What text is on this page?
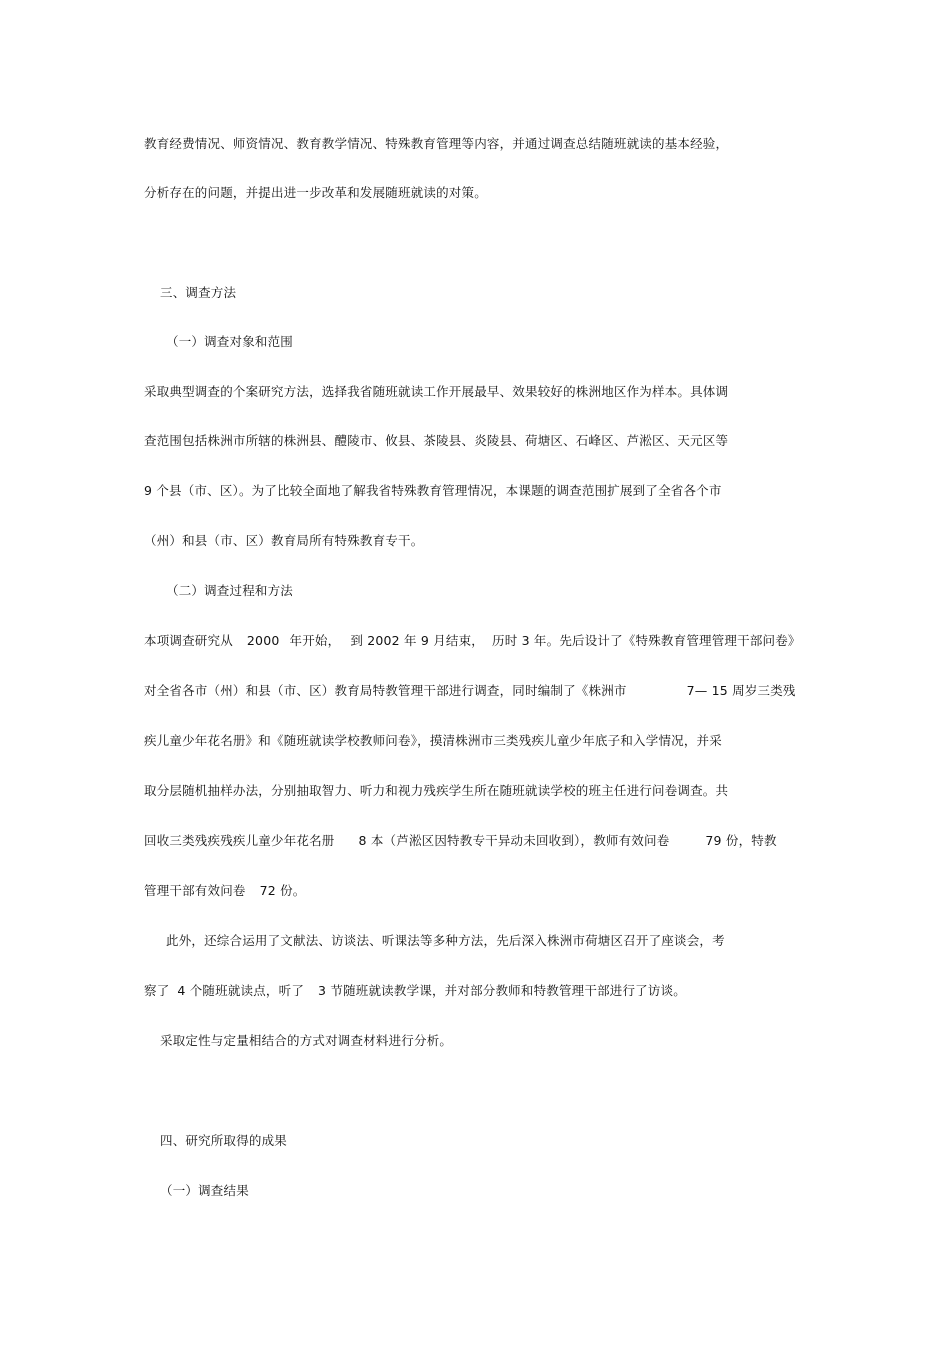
教育经费情况、师资情况、教育教学情况、特殊教育管理等内容，并通过调查总结随班就读的基本经验，
分析存在的问题，并提出进一步改革和发展随班就读的对策。
三、调查方法
（一）调查对象和范围
采取典型调查的个案研究方法，选择我省随班就读工作开展最早、效果较好的株洲地区作为样本。具体调
查范围包括株洲市所辖的株洲县、醴陵市、攸县、茶陵县、炎陵县、荷塘区、石峰区、芦淞区、天元区等
9 个县（市、区）。为了比较全面地了解我省特殊教育管理情况，本课题的调查范围扩展到了全省各个市
（州）和县（市、区）教育局所有特殊教育专干。
（二）调查过程和方法
本项调查研究从 2000 年开始， 到 2002 年 9 月结束， 历时 3 年。先后设计了《特殊教育管理管理干部问卷》
对全省各市（州）和县（市、区）教育局特教管理干部进行调查，同时编制了《株洲市	7— 15 周岁三类残
疾儿童少年花名册》和《随班就读学校教师问卷》，摸清株洲市三类残疾儿童少年底子和入学情况，并采
取分层随机抽样办法，分别抽取智力、听力和视力残疾学生所在随班就读学校的班主任进行问卷调查。共
回收三类残疾残疾儿童少年花名册 8 本（芦淞区因特教专干异动未回收到），教师有效问卷	79 份，特教
管理干部有效问卷 72 份。
此外，还综合运用了文献法、访谈法、听课法等多种方法，先后深入株洲市荷塘区召开了座谈会，考
察了 4 个随班就读点，听了 3 节随班就读教学课，并对部分教师和特教管理干部进行了访谈。
采取定性与定量相结合的方式对调查材料进行分析。
四、研究所取得的成果
（一）调查结果
